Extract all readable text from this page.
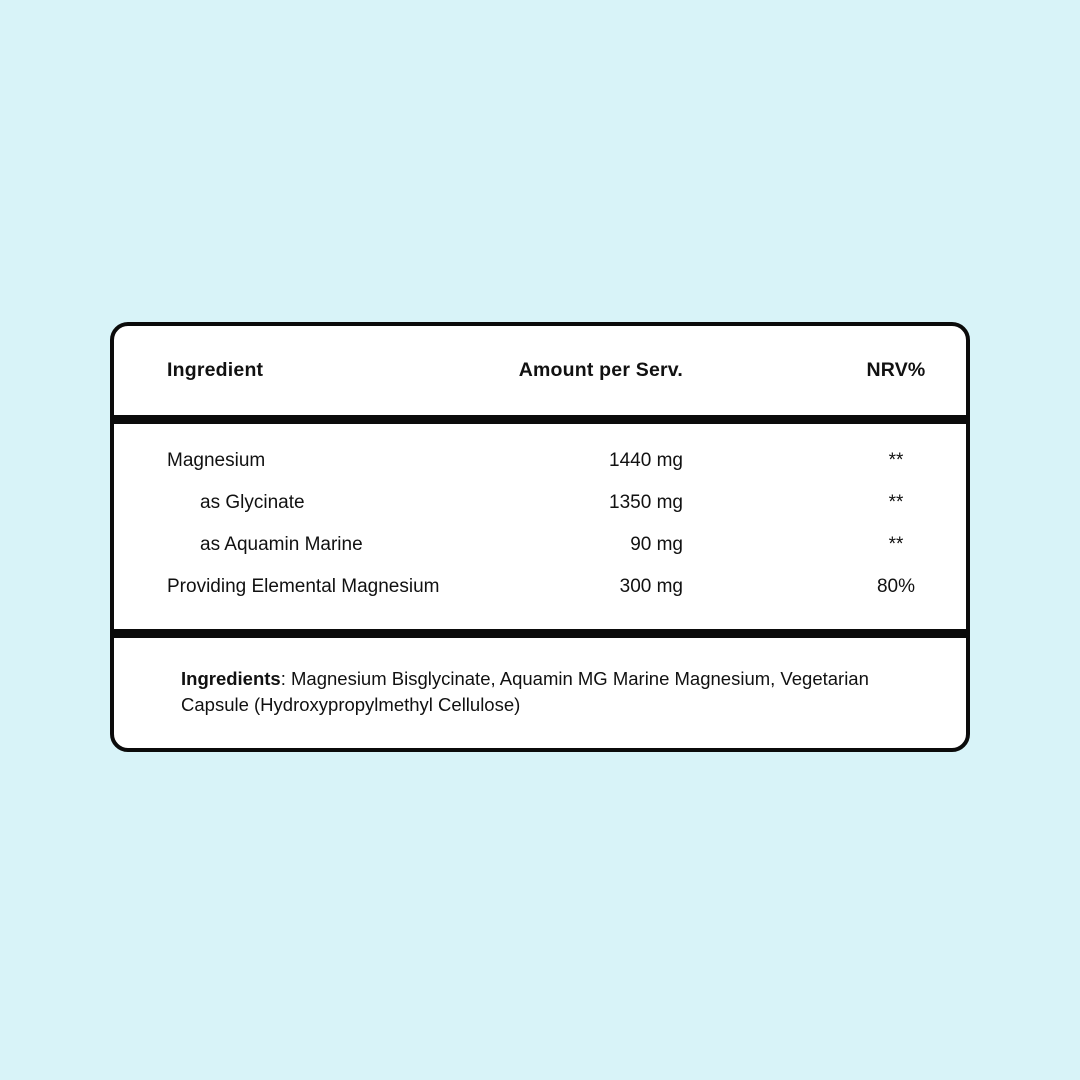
Ingredient	Amount per Serv.	NRV%
Magnesium	1440 mg	**
as Glycinate	1350 mg	**
as Aquamin Marine	90 mg	**
Providing Elemental Magnesium	300 mg	80%
Ingredients: Magnesium Bisglycinate, Aquamin MG Marine Magnesium, Vegetarian Capsule (Hydroxypropylmethyl Cellulose)
